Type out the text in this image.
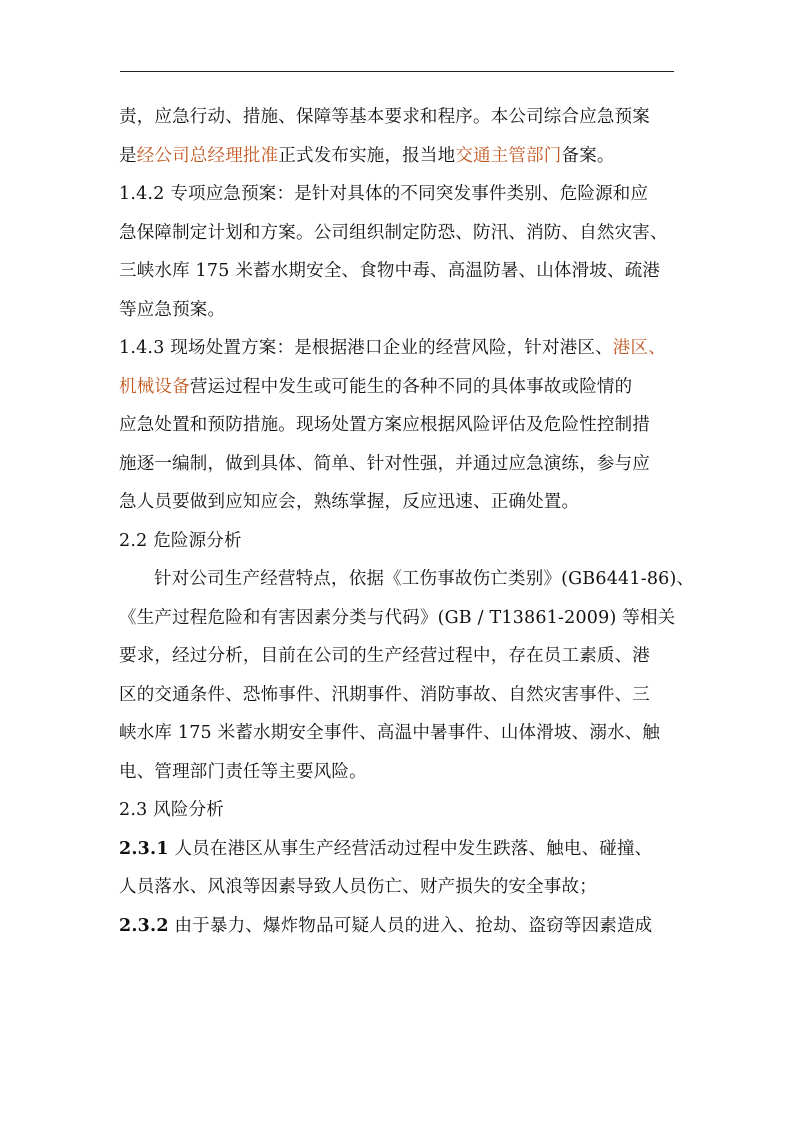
责，应急行动、措施、保障等基本要求和程序。本公司综合应急预案
是经公司总经理批准正式发布实施，报当地交通主管部门备案。
1.4.2 专项应急预案：是针对具体的不同突发事件类别、危险源和应
急保障制定计划和方案。公司组织制定防恐、防汛、消防、自然灾害、
三峡水库 175 米蓄水期安全、食物中毒、高温防暑、山体滑坡、疏港
等应急预案。
1.4.3 现场处置方案：是根据港口企业的经营风险，针对港区、港区、
机械设备营运过程中发生或可能生的各种不同的具体事故或险情的
应急处置和预防措施。现场处置方案应根据风险评估及危险性控制措
施逐一编制，做到具体、简单、针对性强，并通过应急演练，参与应
急人员要做到应知应会，熟练掌握，反应迅速、正确处置。
2.2 危险源分析
针对公司生产经营特点，依据《工伤事故伤亡类别》(GB6441-86)、
《生产过程危险和有害因素分类与代码》(GB / T13861-2009) 等相关
要求，经过分析，目前在公司的生产经营过程中，存在员工素质、港
区的交通条件、恐怖事件、汛期事件、消防事故、自然灾害事件、三
峡水库 175 米蓄水期安全事件、高温中暑事件、山体滑坡、溺水、触
电、管理部门责任等主要风险。
2.3 风险分析
2.3.1 人员在港区从事生产经营活动过程中发生跌落、触电、碰撞、
人员落水、风浪等因素导致人员伤亡、财产损失的安全事故；
2.3.2 由于暴力、爆炸物品可疑人员的进入、抢劫、盗窃等因素造成
